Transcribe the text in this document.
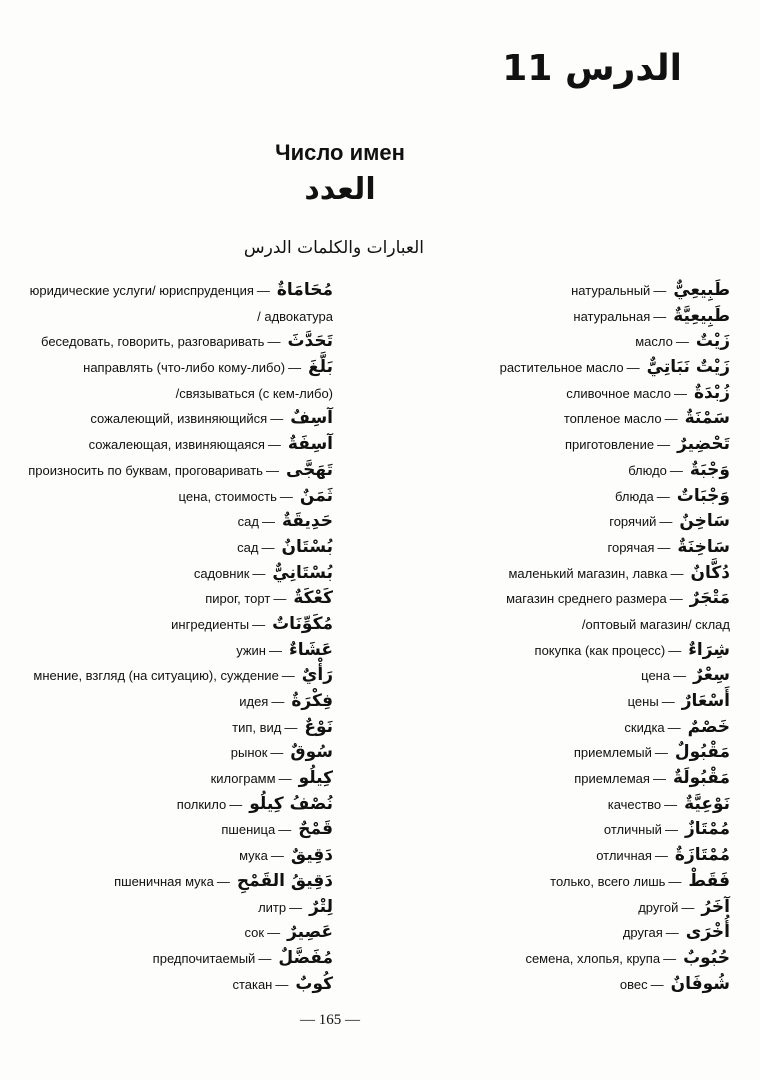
الدرس 11
Число имен
العدد
العبارات والكلمات الدرس
юридические услуги/ юриспруденция — مُحَامَاةٌ
/ адвокатура
беседовать, говорить, разговаривать — تَحَدَّثَ
направлять (что-либо кому-либо) — بَلَّغَ
/связываться (с кем-либо)
сожалеющий, извиняющийся — آسِفٌ
сожалеющая, извиняющаяся — آسِفَةٌ
произносить по буквам, проговаривать — تَهَجَّى
цена, стоимость — ثَمَنٌ
сад — حَدِيقَةٌ
сад — بُسْتَانٌ
садовник — بُسْتَانِيٌّ
пирог, торт — كَعْكَةٌ
ингредиенты — مُكَوِّنَاتٌ
ужин — عَشَاءٌ
мнение, взгляд (на ситуацию), суждение — رَأْيٌ
идея — فِكْرَةٌ
тип, вид — نَوْعٌ
рынок — سُوقٌ
килограмм — كِيلُو
полкило — نُصْفُ كِيلُو
пшеница — قَمْحٌ
мука — دَقِيقٌ
пшеничная мука — دَقِيقُ القَمْحِ
литр — لِتْرٌ
сок — عَصِيرٌ
предпочитаемый — مُفَضَّلٌ
стакан — كُوبٌ
натуральный — طَبِيعِيٌّ
натуральная — طَبِيعِيَّةٌ
масло — زَيْتٌ
растительное масло — زَيْتٌ نَبَاتِيٌّ
сливочное масло — زُبْدَةٌ
топленое масло — سَمْنَةٌ
приготовление — تَحْضِيرٌ
блюдо — وَجْبَةٌ
блюда — وَجْبَاتٌ
горячий — سَاخِنٌ
горячая — سَاخِنَةٌ
маленький магазин, лавка — دُكَّانٌ
магазин среднего размера — مَتْجَرٌ
/оптовый магазин/ склад
покупка (как процесс) — شِرَاءٌ
цена — سِعْرٌ
цены — أَسْعَارٌ
скидка — خَصْمٌ
приемлемый — مَقْبُولٌ
приемлемая — مَقْبُولَةٌ
качество — نَوْعِيَّةٌ
отличный — مُمْتَازٌ
отличная — مُمْتَازَةٌ
только, всего лишь — فَقَطْ
другой — آخَرُ
другая — أُخْرَى
семена, хлопья, крупа — حُبُوبٌ
овес — شُوفَانٌ
— 165 —
